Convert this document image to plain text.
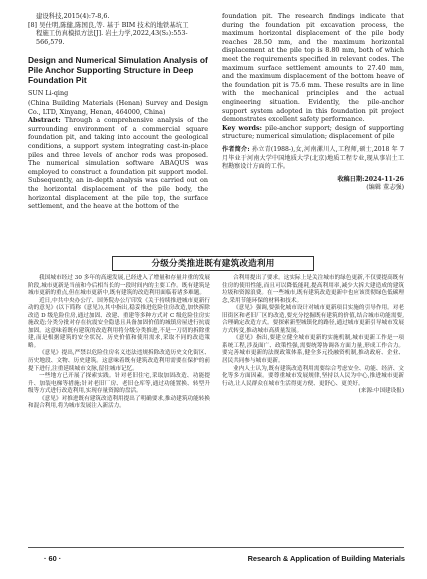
建设科技,2015(4):7-8,6.
[8] 吴仕明,陈健,陈国良,等. 基于 BIM 技术的地铁基坑工
程施工仿真模拟方法[J]. 岩土力学,2022,43(S₂):553-
566,579.
Design and Numerical Simulation Analysis of Pile Anchor Supporting Structure in Deep Foundation Pit
SUN Li-qing
(China Building Materials (Henan) Survey and Design Co., LTD, Xinyang, Henan, 464000, China)
Abstract: Through a comprehensive analysis of the surrounding environment of a commercial square foundation pit, and taking into account the geological conditions, a support system integrating cast-in-place piles and three levels of anchor rods was proposed. The numerical simulation software ABAQUS was employed to construct a foundation pit support model. Subsequently, an in-depth analysis was carried out on the horizontal displacement of the pile body, the horizontal displacement at the pile top, the surface settlement, and the heave at the bottom of the
foundation pit. The research findings indicate that during the foundation pit excavation process, the maximum horizontal displacement of the pile body reaches 28.50 mm, and the maximum horizontal displacement at the pile top is 8.80 mm, both of which meet the requirements specified in relevant codes. The maximum surface settlement amounts to 27.40 mm, and the maximum displacement of the bottom heave of the foundation pit is 75.6 mm. These results are in line with the mechanical principles and the actual engineering situation. Evidently, the pile-anchor support system adopted in this foundation pit project demonstrates excellent safety performance.
Key words: pile-anchor support; design of supporting structure; numerical simulation; displacement of pile
作者简介: 孙立青(1988-),女,河南漯川人,工程师,硕士,2018 年 7 月毕业于河南大学中国地质大学(北京)地质工程专业,现从事岩土工程勘察设计方面的工作。
收稿日期:2024-11-26
(编辑 董志强)
分级分类推进既有建筑改造利用

我国城市经过 30 多年的高速发展,已经进入了增量和存量并重的发展阶段,城市更新是当前和今后相当长的一段时间内的主要工作。既有建筑是城市更新的重点,但在城市更新中,既有建筑的改造利用面临着诸多难题。

近日,中共中央办公厅、国务院办公厅印发《关于持续推进城市更新行动的意见》(以下简称《意见》),其中指出,稳妥推进危险住房改造,加快拆除改造 D 级危险住房,通过加固、改建、重建等多种方式对 C 级危险住房实施改造;分类分批对存在抗震安全隐患且具备加固价值的城镇房屋进行抗震加固。这意味着既有建筑的改造利用将分级分类推进,不是一刀切的拆除重建,而是根据建筑的安全状况、历史价值和使用需求,采取不同的改造策略。

《意见》提出,严禁以危险住房名义违法违规拆除改造历史文化街区、历史地段、文物、历史建筑。这意味着既有建筑改造利用需要在保护的前提下进行,注重延续城市文脉,留住城市记忆。

一些地方已开展了探索实践。针对老旧住宅,采取加固改造、功能提升、加装电梯等措施;针对老旧厂房、老旧仓库等,通过功能置换、转型升级等方式进行改造利用,实现存量资源的盘活。

《意见》对推进既有建筑改造利用提出了明确要求,推动建筑功能转换和混合利用,将为城市发展注入新活力。

合利用提出了要求。这实际上是关注城市的绿色更新,不仅要提高既有住房的使用性能,而且可以降低能耗,提高利用率,减少大拆大建造成的建筑垃圾和资源浪费。在一些城市,既有建筑改造更新中也应该贯彻绿色低碳理念,采用节能环保的材料和技术。

《意见》强调,要强化城市设计对城市更新项目实施的引导作用。对老旧街区和老旧厂区的改造,要充分挖掘既有建筑的价值,结合城市功能需要,合理确定改造方式。要探索新型城镇化的路径,通过城市更新引导城市发展方式转变,推动城市高质量发展。

《意见》指出,要建立健全城市更新的实施机制,城市更新工作是一项系统工程,涉及面广、政策性强,需要统筹协调各方面力量,形成工作合力。要完善城市更新的法规政策体系,健全多元投融资机制,推动政府、企业、居民共同参与城市更新。

业内人士认为,既有建筑改造利用需要综合考虑安全、功能、经济、文化等多方面因素。要尊重城市发展规律,坚持以人民为中心,推进城市更新行动,让人民群众在城市生活得更方便、更舒心、更美好。

(来源:中国建设报)
· 60 ·	Research & Application of Building Materials
